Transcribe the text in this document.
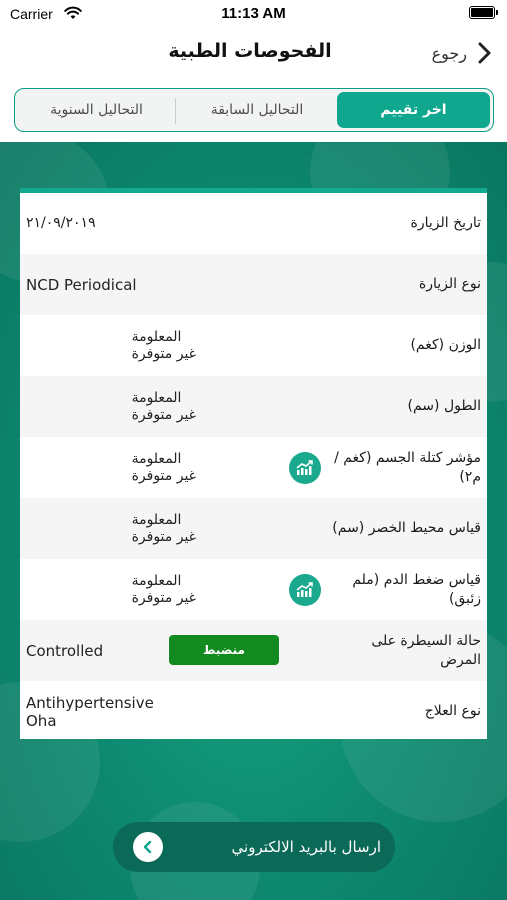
Carrier	11:13 AM
الفحوصات الطبية	رجوع
اخر تقييم
التحاليل السابقة
التحاليل السنوية
تاريخ الزيارة
٢١/٠٩/٢٠١٩
نوع الزيارة
NCD Periodical
الوزن (كغم)
المعلومة
غير متوفرة
الطول (سم)
المعلومة
غير متوفرة
مؤشر كتلة الجسم (كغم /م٢)
المعلومة
غير متوفرة
قياس محيط الخصر (سم)
المعلومة
غير متوفرة
قياس ضغط الدم (ملم زئبق)
المعلومة
غير متوفرة
حالة السيطرة على المرض
منضبط
Controlled
نوع العلاج
Antihypertensive
Oha
ارسال بالبريد الالكتروني
